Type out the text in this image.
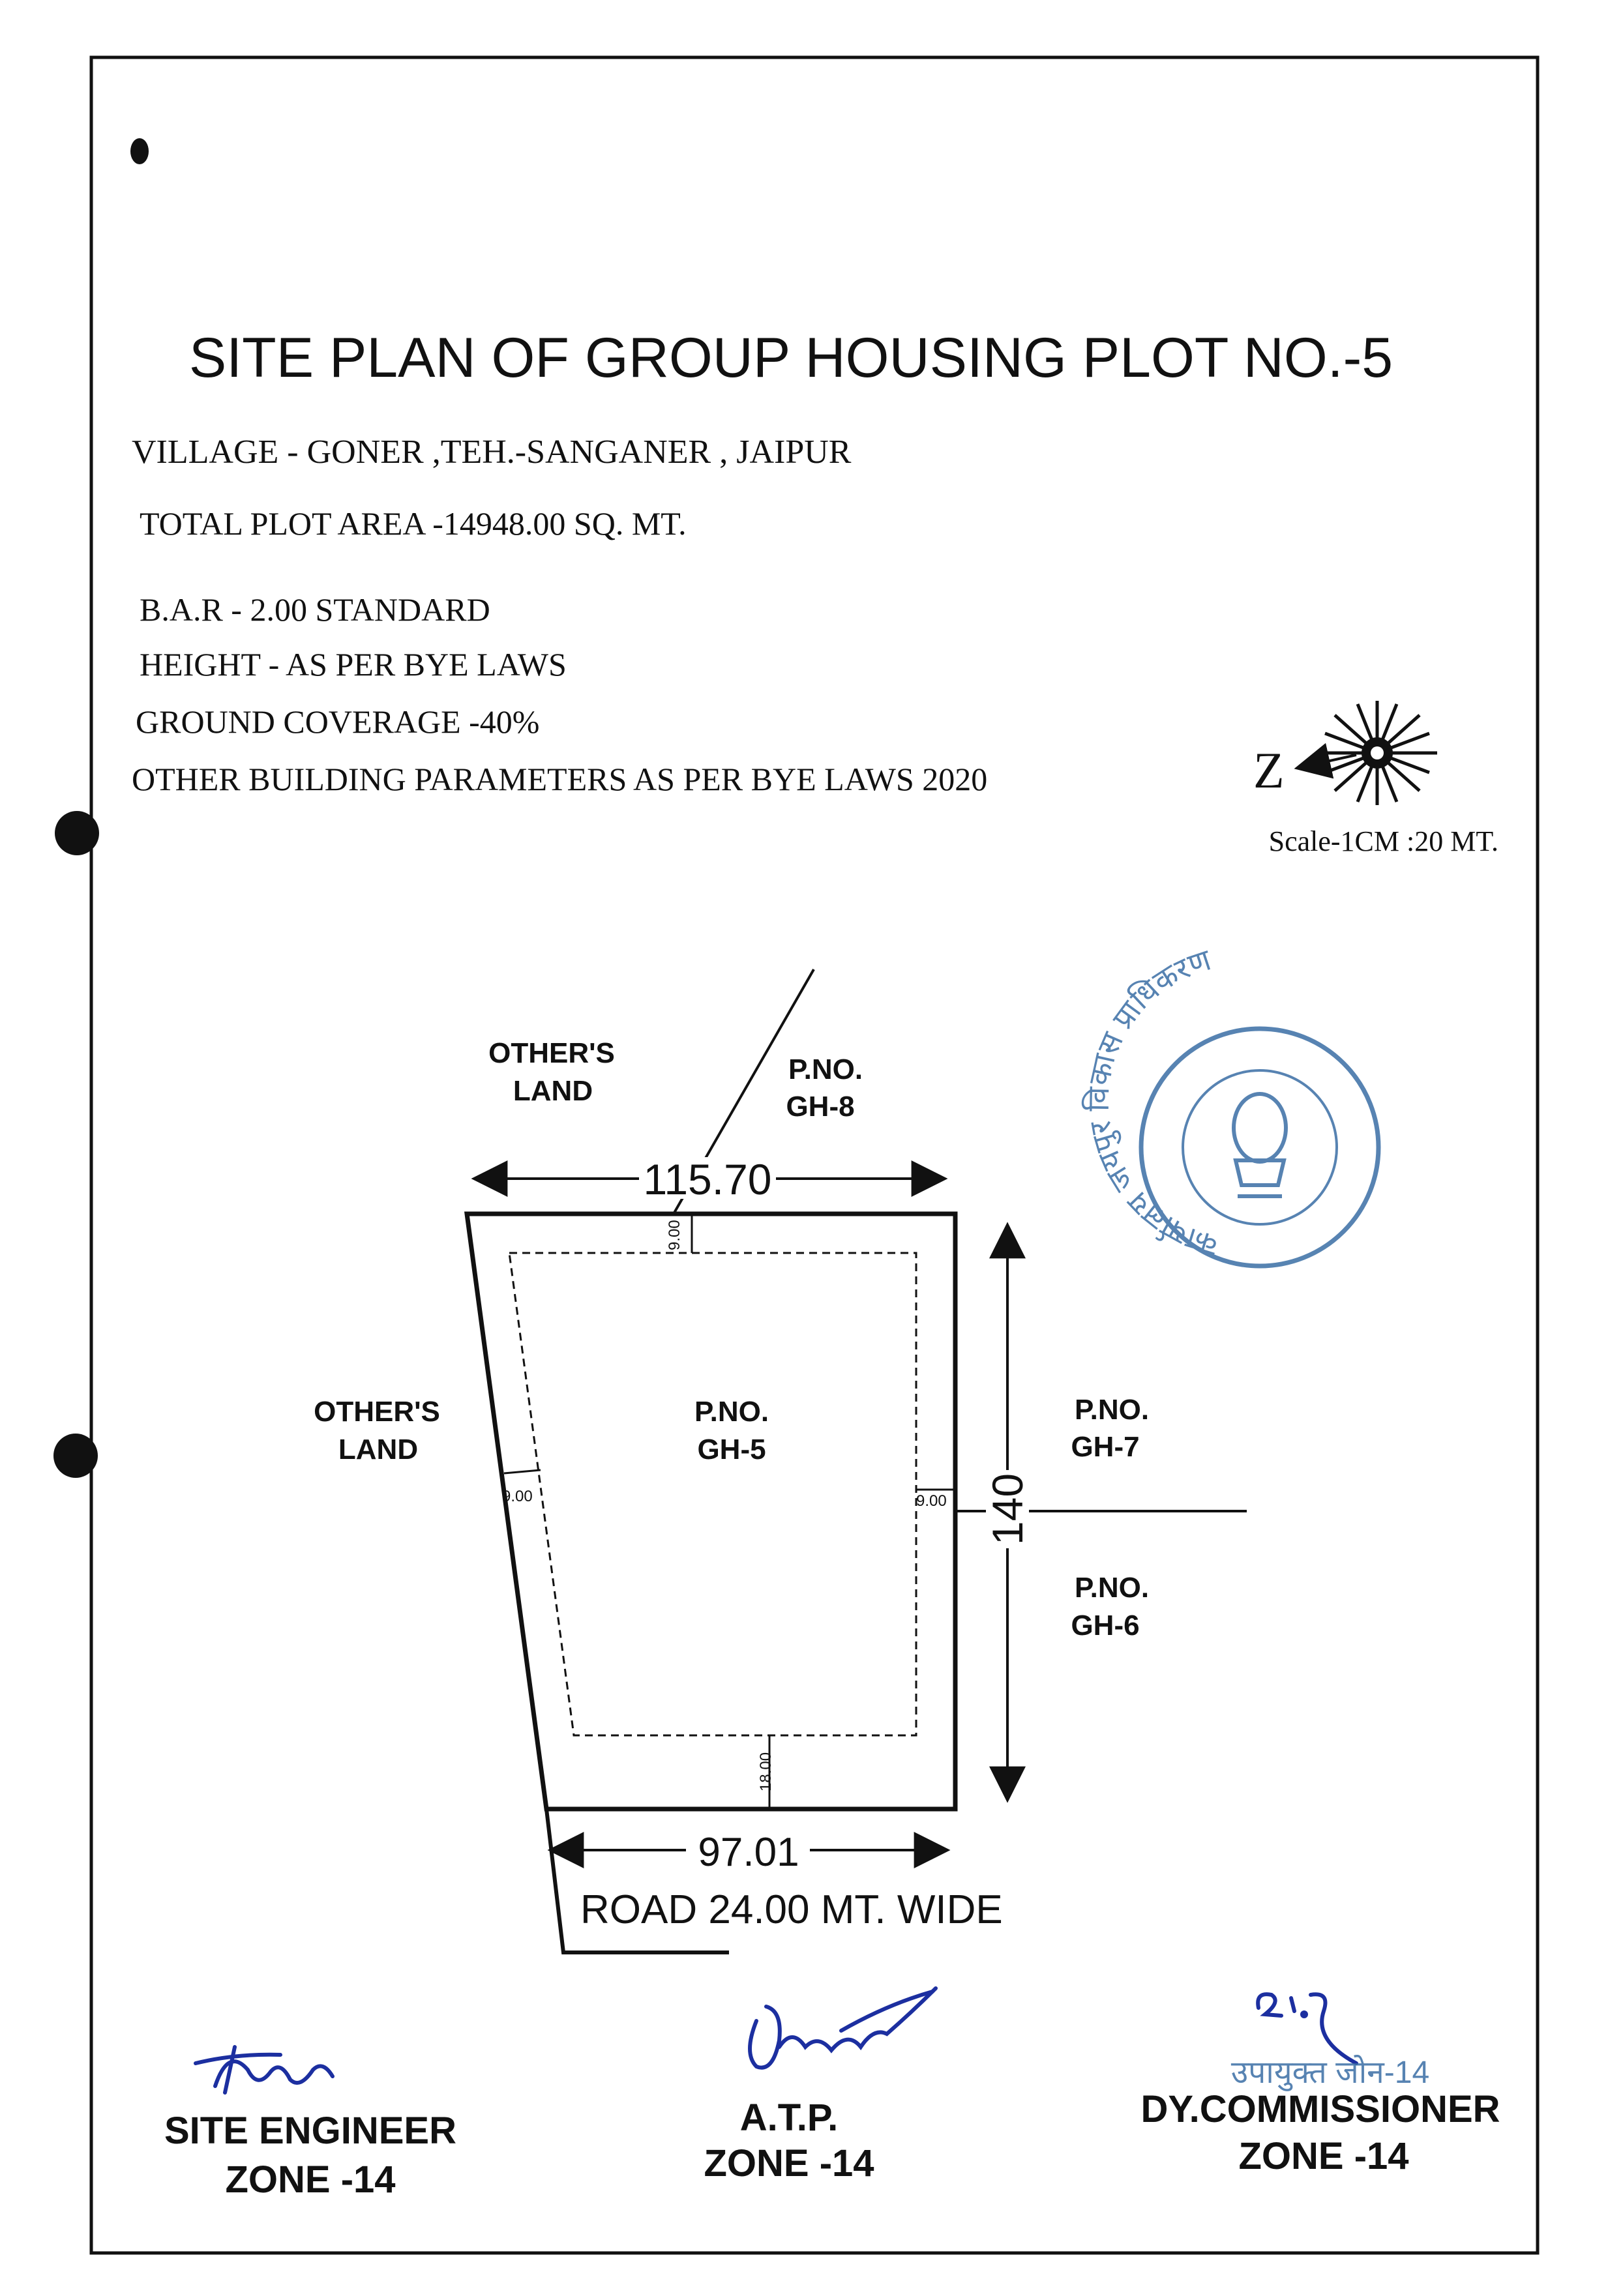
SITE PLAN OF GROUP HOUSING PLOT NO.-5
VILLAGE - GONER ,TEH.-SANGANER , JAIPUR
TOTAL PLOT AREA -14948.00 SQ. MT.
B.A.R - 2.00 STANDARD
HEIGHT - AS PER BYE LAWS
GROUND COVERAGE -40%
OTHER BUILDING PARAMETERS AS PER BYE LAWS 2020	Z
Scale-1CM :20 MT.
कार्यालय जयपुर विकास प्राधिकरण
9.00
9.00	9.00
18.00
115.70
97.01
140
ROAD 24.00 MT. WIDE
P.NO.
GH-5
P.NO.
GH-8
P.NO.
GH-7
P.NO.
GH-6
OTHER'S
LAND
OTHER'S
LAND
उपायुक्त जोन-14
SITE ENGINEER
ZONE -14
A.T.P.
ZONE -14
DY.COMMISSIONER
ZONE -14
